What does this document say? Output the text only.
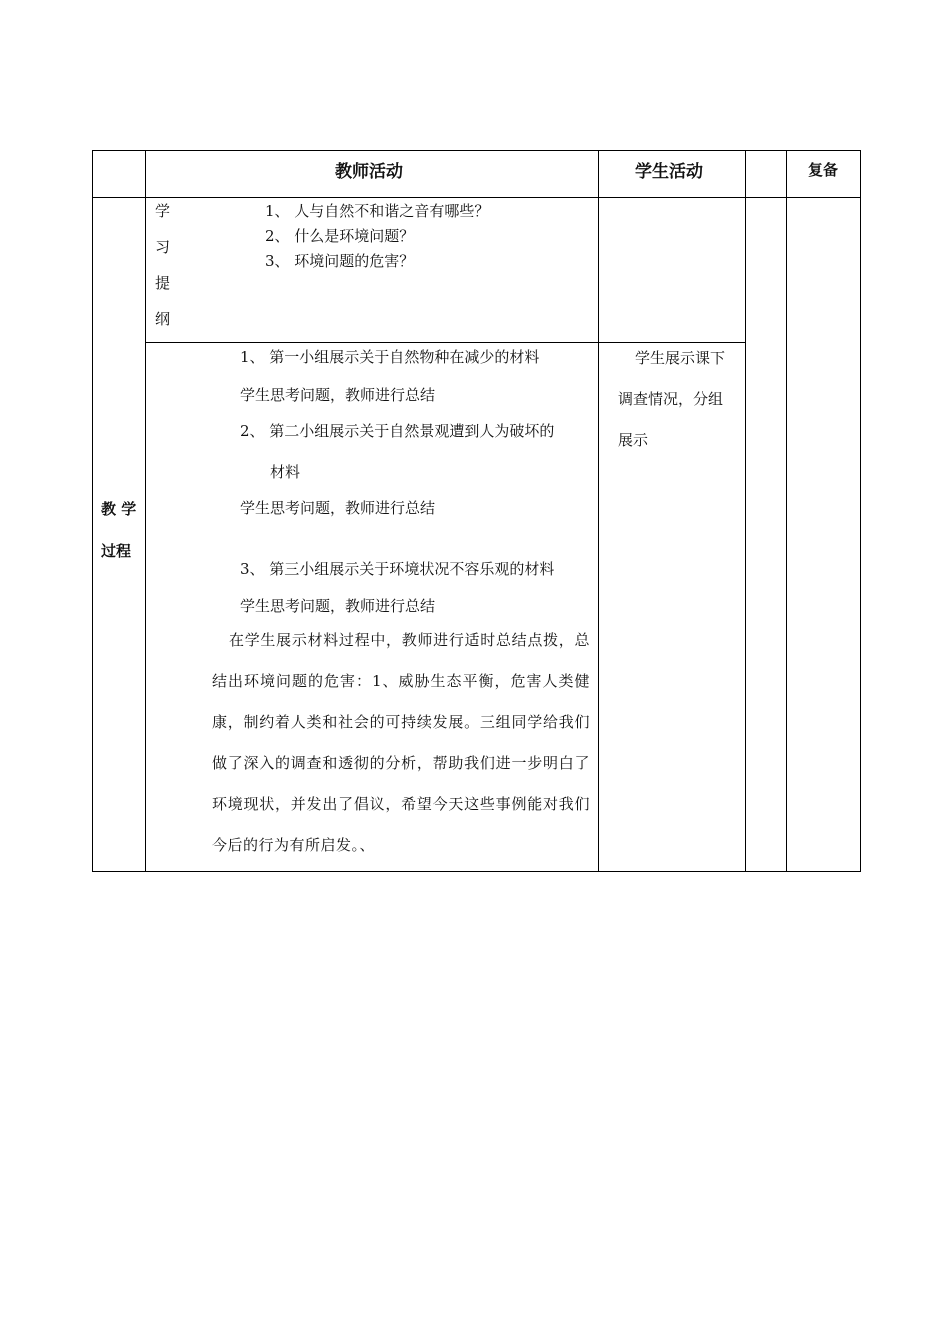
教师活动	学生活动	复备
教 学
过程
学
习
提
纲
1、 人与自然不和谐之音有哪些？
2、 什么是环境问题？
3、 环境问题的危害？
1、 第一小组展示关于自然物种在减少的材料
学生思考问题，教师进行总结
2、 第二小组展示关于自然景观遭到人为破坏的
材料
学生思考问题，教师进行总结
3、 第三小组展示关于环境状况不容乐观的材料
学生思考问题，教师进行总结
在学生展示材料过程中，教师进行适时总结点拨，总结出环境问题的危害：1、威胁生态平衡，危害人类健康，制约着人类和社会的可持续发展。三组同学给我们做了深入的调查和透彻的分析，帮助我们进一步明白了环境现状，并发出了倡议，希望今天这些事例能对我们今后的行为有所启发。、
学生展示课下
调查情况，分组
展示
